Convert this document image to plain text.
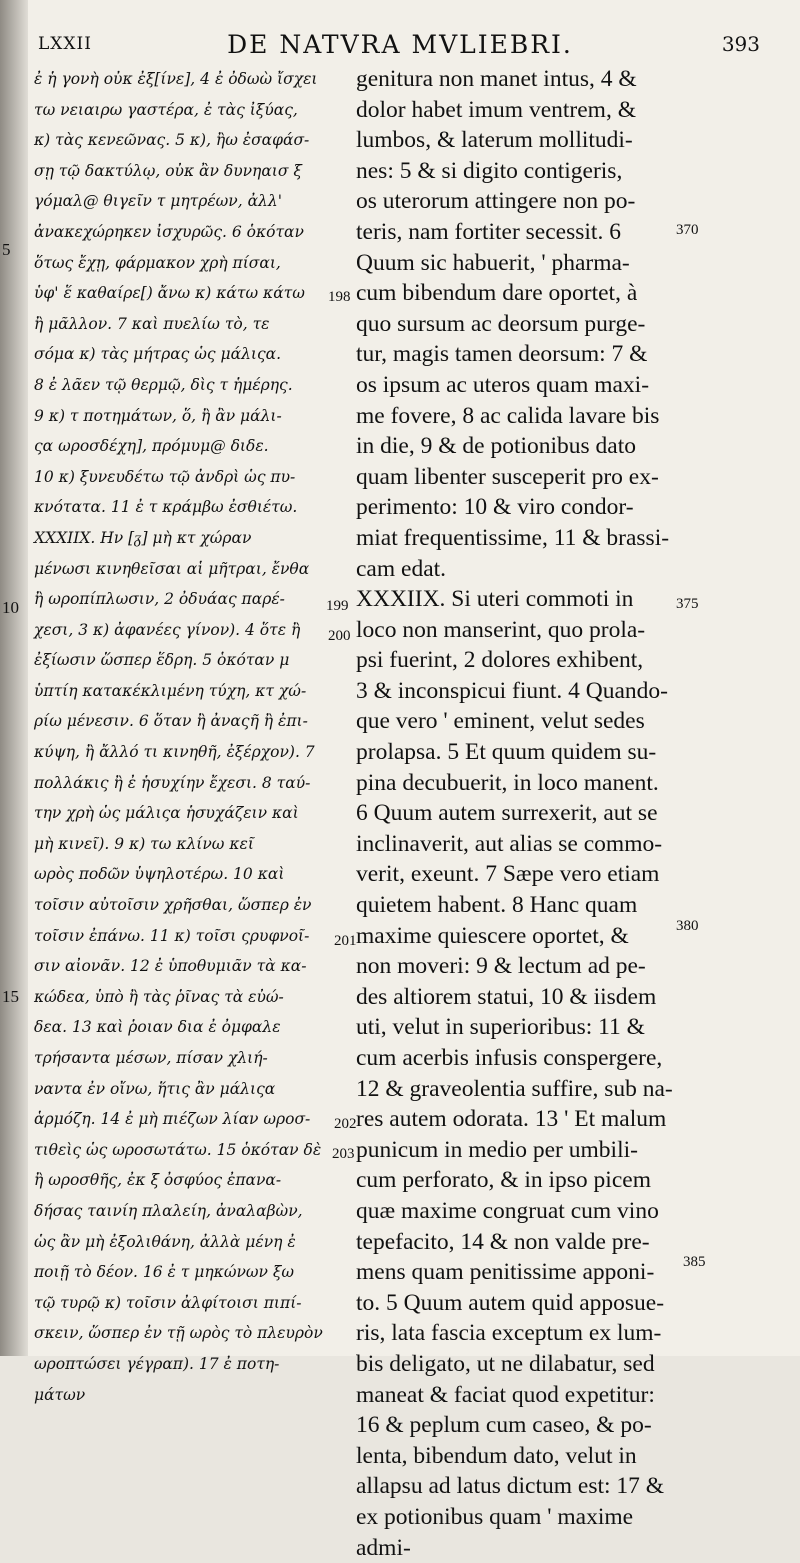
LXXII	DE NATVRA MVLIEBRI.	393
ἐ ἡ γονὴ οὐκ ἐξ[ίνε], 4 ἐ ὀδωὼ ἴσχει
τω νειαιρω γαστέρα, ἐ τὰς ἰξύας,
κ) τὰς κενεῶνας. 5 κ), ἢω ἐσαφάσ-
σῃ τῷ δακτύλῳ, οὐκ ἂν δυνηαισ ξ
γόμαλ@ θιγεῖν τ μητρέων, ἀλλ'
ἀνακεχώρηκεν ἰσχυρῶς. 6 ὁκόταν
ὅτως ἔχῃ, φάρμακον χρὴ πίσαι,
ὑφ' ἕ καθαίρε[) ἄνω κ) κάτω κάτω
ἢ μᾶλλον. 7 καὶ πυελίω τὸ, τε
σόμα κ) τὰς μήτρας ὡς μάλιςα.
8 ἐ λᾶεν τῷ θερμῷ, δὶς τ ἡμέρης.
9 κ) τ ποτημάτων, ὅ, ἢ ἂν μάλι-
ςα ωροσδέχη], πρόμυμ@ διδε.
10 κ) ξυνευδέτω τῷ ἀνδρὶ ὡς πυ-
κνότατα. 11 ἐ τ κράμβω ἐσθιέτω.
XXXIIX. Ην [ᵹ] μὴ κτ χώραν
μένωσι κινηθεῖσαι αἱ μῆτραι, ἔνθα
ἢ ωροπίπλωσιν, 2 ὀδυάας παρέ-
χεσι, 3 κ) ἀφανέες γίνον). 4 ὅτε ἢ
ἐξίωσιν ὥσπερ ἕδρη. 5 ὁκόταν μ
ὑπτίη κατακέκλιμένη τύχη, κτ χώ-
ρίω μένεσιν. 6 ὅταν ἢ ἀναςῆ ἢ ἐπι-
κύψη, ἢ ἄλλό τι κινηθῆ, ἐξέρχον). 7
πολλάκις ἢ ἐ ἡσυχίην ἔχεσι. 8 ταύ-
την χρὴ ὡς μάλιςα ἡσυχάζειν καὶ
μὴ κινεῖ). 9 κ) τω κλίνω κεῖ
ωρὸς ποδῶν ὑψηλοτέρω. 10 καὶ
τοῖσιν αὐτοῖσιν χρῆσθαι, ὥσπερ ἐν
τοῖσιν ἐπάνω. 11 κ) τοῖσι ςρυφνοῖ-
σιν αἰονᾶν. 12 ἐ ὑποθυμιᾶν τὰ κα-
κώδεα, ὑπὸ ἢ τὰς ῥῖνας τὰ εὐώ-
δεα. 13 καὶ ῥοιαν δια ἐ ὀμφαλε
τρήσαντα μέσων, πίσαν χλιή-
ναντα ἐν οἴνω, ἥτις ἂν μάλιςα
ἁρμόζη. 14 ἐ μὴ πιέζων λίαν ωροσ-
τιθεὶς ὡς ωροσωτάτω. 15 ὁκόταν δὲ
ἢ ωροσθῆς, ἐκ ξ ὀσφύος ἐπανα-
δήσας ταινίη πλαλείη, ἀναλαβὼν,
ὡς ἂν μὴ ἐξολιθάνη, ἀλλὰ μένη ἐ
ποιῇ τὸ δέον. 16 ἐ τ μηκώνων ξω
τῷ τυρῷ κ) τοῖσιν ἀλφίτοισι πιπί-
σκειν, ὥσπερ ἐν τῇ ωρὸς τὸ πλευρὸν
ωροπτώσει γέγραπ). 17 ἐ ποτη-
μάτων
genitura non manet intus, 4 &
dolor habet imum ventrem, &
lumbos, & laterum mollitudi-
nes: 5 & si digito contigeris,
os uterorum attingere non po-
teris, nam fortiter secessit. 6
Quum sic habuerit, ' pharma-
cum bibendum dare oportet, à
quo sursum ac deorsum purge-
tur, magis tamen deorsum: 7 &
os ipsum ac uteros quam maxi-
me fovere, 8 ac calida lavare bis
in die, 9 & de potionibus dato
quam libenter susceperit pro ex-
perimento: 10 & viro condor-
miat frequentissime, 11 & brassi-
cam edat.
XXXIIX. Si uteri commoti in
loco non manserint, quo prola-
psi fuerint, 2 dolores exhibent,
3 & inconspicui fiunt. 4 Quando-
que vero ' eminent, velut sedes
prolapsa. 5 Et quum quidem su-
pina decubuerit, in loco manent.
6 Quum autem surrexerit, aut se
inclinaverit, aut alias se commo-
verit, exeunt. 7 Sæpe vero etiam
quietem habent. 8 Hanc quam
maxime quiescere oportet, &
non moveri: 9 & lectum ad pe-
des altiorem statui, 10 & iisdem
uti, velut in superioribus: 11 &
cum acerbis infusis conspergere,
12 & graveolentia suffire, sub na-
res autem odorata. 13 ' Et malum
punicum in medio per umbili-
cum perforato, & in ipso picem
quæ maxime congruat cum vino
tepefacito, 14 & non valde pre-
mens quam penitissime apponi-
to. 5 Quum autem quid apposue-
ris, lata fascia exceptum ex lum-
bis deligato, ut ne dilabatur, sed
maneat & faciat quod expetitur:
16 & peplum cum caseo, & po-
lenta, bibendum dato, velut in
allapsu ad latus dictum est: 17 &
ex potionibus quam ' maxime
admi-
5
10
15
198
199
200
201
202
203
370
375
380
385
